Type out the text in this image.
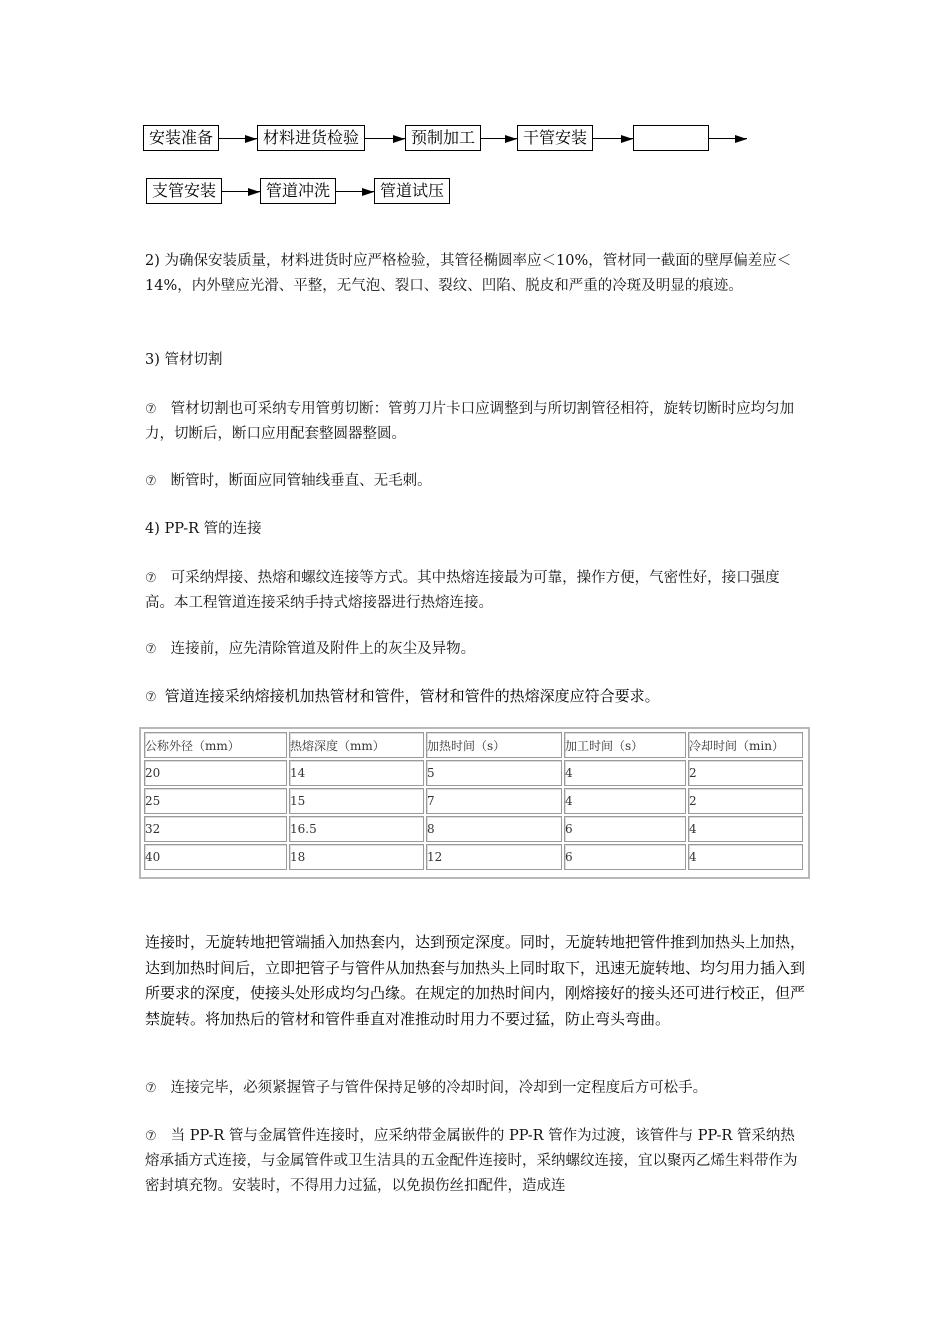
安装准备	材料进货检验	预制加工	干管安装
支管安装	管道冲洗	管道试压

2) 为确保安装质量，材料进货时应严格检验，其管径椭圆率应＜10%，管材同一截面的壁厚偏差应＜14%，内外壁应光滑、平整，无气泡、裂口、裂纹、凹陷、脱皮和严重的冷斑及明显的痕迹。

3) 管材切割

⑦ 管材切割也可采纳专用管剪切断：管剪刀片卡口应调整到与所切割管径相符，旋转切断时应均匀加力，切断后，断口应用配套整圆器整圆。

⑦ 断管时，断面应同管轴线垂直、无毛刺。

4) PP-R 管的连接

⑦ 可采纳焊接、热熔和螺纹连接等方式。其中热熔连接最为可靠，操作方便，气密性好，接口强度高。本工程管道连接采纳手持式熔接器进行热熔连接。

⑦ 连接前，应先清除管道及附件上的灰尘及异物。

⑦ 管道连接采纳熔接机加热管材和管件，管材和管件的热熔深度应符合要求。

公称外径（mm）	热熔深度（mm）	加热时间（s）	加工时间（s）	冷却时间（min）
20	14	5	4	2
25	15	7	4	2
32	16.5	8	6	4
40	18	12	6	4

连接时，无旋转地把管端插入加热套内，达到预定深度。同时，无旋转地把管件推到加热头上加热，达到加热时间后，立即把管子与管件从加热套与加热头上同时取下，迅速无旋转地、均匀用力插入到所要求的深度，使接头处形成均匀凸缘。在规定的加热时间内，刚熔接好的接头还可进行校正，但严禁旋转。将加热后的管材和管件垂直对准推动时用力不要过猛，防止弯头弯曲。

⑦ 连接完毕，必须紧握管子与管件保持足够的冷却时间，冷却到一定程度后方可松手。

⑦ 当 PP-R 管与金属管件连接时，应采纳带金属嵌件的 PP-R 管作为过渡，该管件与 PP-R 管采纳热熔承插方式连接，与金属管件或卫生洁具的五金配件连接时，采纳螺纹连接，宜以聚丙乙烯生料带作为密封填充物。安装时，不得用力过猛，以免损伤丝扣配件，造成连
